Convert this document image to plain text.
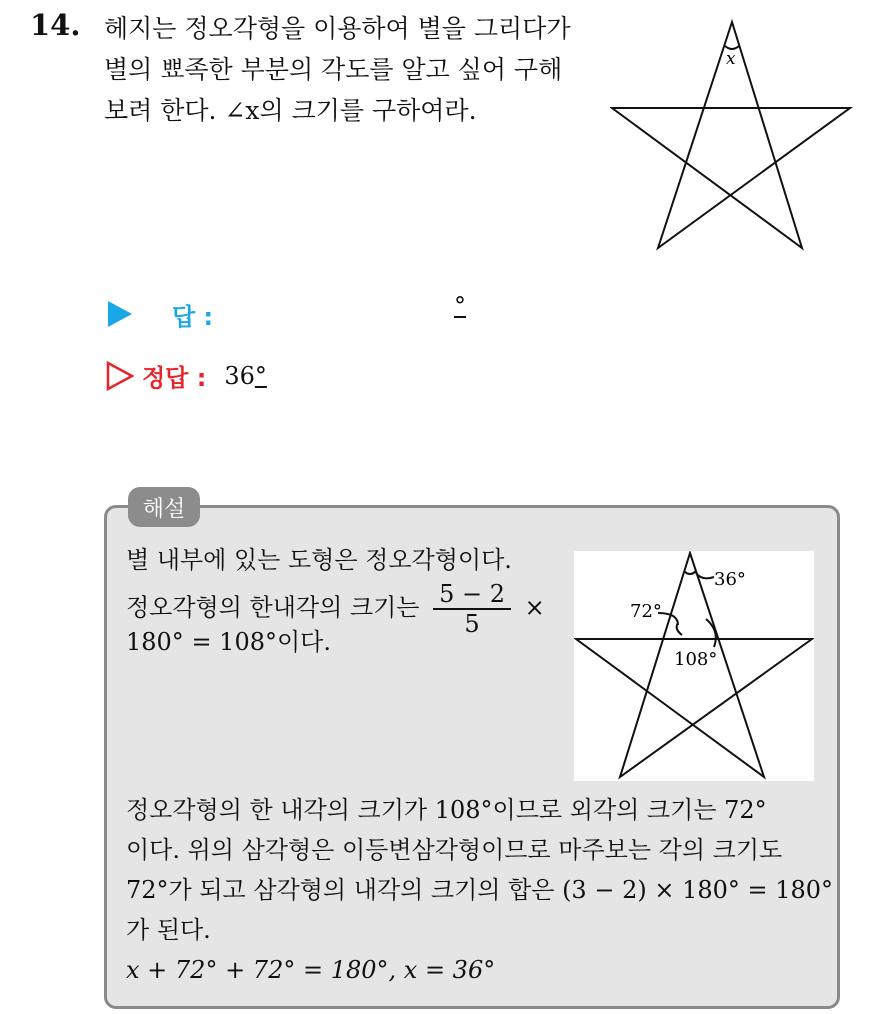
14. 헤지는 정오각형을 이용하여 별을 그리다가
별의 뾰족한 부분의 각도를 알고 싶어 구해
보려 한다. ∠x의 크기를 구하여라.
x
답 :	°
정답 : 36°
해설
별 내부에 있는 도형은 정오각형이다.
정오각형의 한내각의 크기는 $\frac{5 - 2}{5}$ ×
180° = 108°이다.
36°
72°
108°
정오각형의 한 내각의 크기가 108°이므로 외각의 크기는 72°
이다. 위의 삼각형은 이등변삼각형이므로 마주보는 각의 크기도
72°가 되고 삼각형의 내각의 크기의 합은 (3 − 2) × 180° = 180°
가 된다.
x + 72° + 72° = 180°, x = 36°
